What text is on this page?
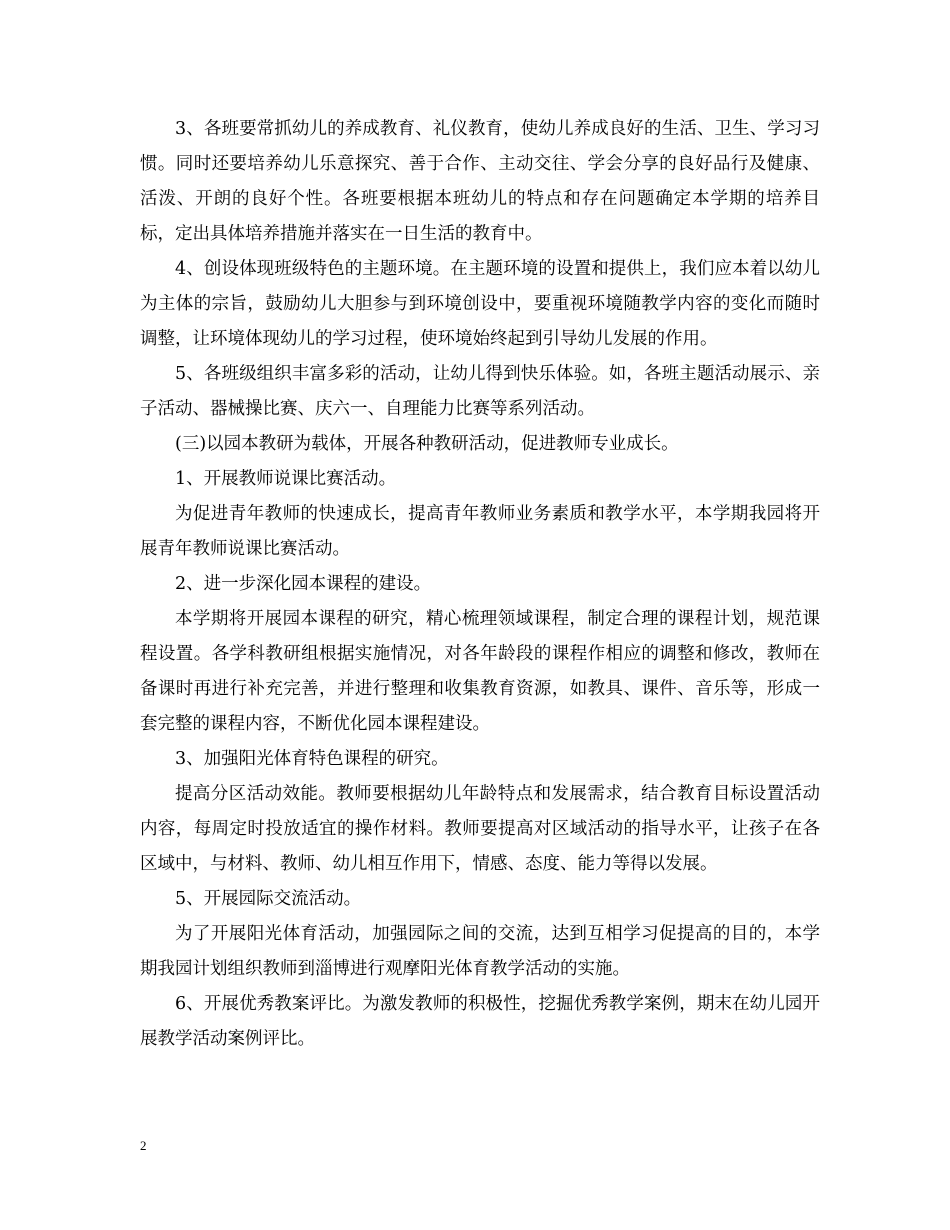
3、各班要常抓幼儿的养成教育、礼仪教育，使幼儿养成良好的生活、卫生、学习习惯。同时还要培养幼儿乐意探究、善于合作、主动交往、学会分享的良好品行及健康、活泼、开朗的良好个性。各班要根据本班幼儿的特点和存在问题确定本学期的培养目标，定出具体培养措施并落实在一日生活的教育中。

4、创设体现班级特色的主题环境。在主题环境的设置和提供上，我们应本着以幼儿为主体的宗旨，鼓励幼儿大胆参与到环境创设中，要重视环境随教学内容的变化而随时调整，让环境体现幼儿的学习过程，使环境始终起到引导幼儿发展的作用。

5、各班级组织丰富多彩的活动，让幼儿得到快乐体验。如，各班主题活动展示、亲子活动、器械操比赛、庆六一、自理能力比赛等系列活动。

(三)以园本教研为载体，开展各种教研活动，促进教师专业成长。

1、开展教师说课比赛活动。

为促进青年教师的快速成长，提高青年教师业务素质和教学水平，本学期我园将开展青年教师说课比赛活动。

2、进一步深化园本课程的建设。

本学期将开展园本课程的研究，精心梳理领域课程，制定合理的课程计划，规范课程设置。各学科教研组根据实施情况，对各年龄段的课程作相应的调整和修改，教师在备课时再进行补充完善，并进行整理和收集教育资源，如教具、课件、音乐等，形成一套完整的课程内容，不断优化园本课程建设。

3、加强阳光体育特色课程的研究。

提高分区活动效能。教师要根据幼儿年龄特点和发展需求，结合教育目标设置活动内容，每周定时投放适宜的操作材料。教师要提高对区域活动的指导水平，让孩子在各区域中，与材料、教师、幼儿相互作用下，情感、态度、能力等得以发展。

5、开展园际交流活动。

为了开展阳光体育活动，加强园际之间的交流，达到互相学习促提高的目的，本学期我园计划组织教师到淄博进行观摩阳光体育教学活动的实施。

6、开展优秀教案评比。为激发教师的积极性，挖掘优秀教学案例，期末在幼儿园开展教学活动案例评比。

2
